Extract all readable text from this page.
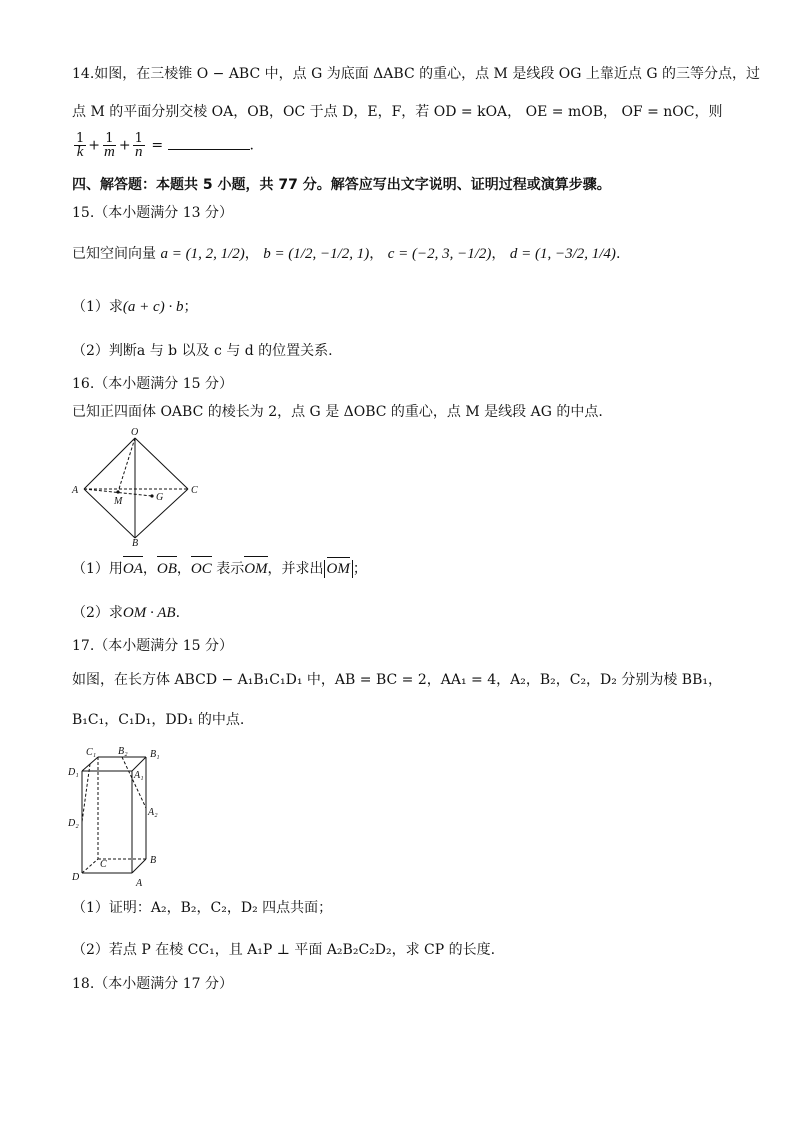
14.如图，在三棱锥 O − ABC 中，点 G 为底面 ΔABC 的重心，点 M 是线段 OG 上靠近点 G 的三等分点，过
点 M 的平面分别交棱 OA，OB，OC 于点 D，E，F，若 OD = kOA， OE = mOB， OF = nOC，则
$\frac{1}{k} + \frac{1}{m} + \frac{1}{n}$ =	.
四、解答题：本题共 5 小题，共 77 分。解答应写出文字说明、证明过程或演算步骤。
15.（本小题满分 13 分）
已知空间向量 a = (1, 2, 1/2)， b = (1/2, −1/2, 1)， c = (−2, 3, −1/2)， d = (1, −3/2, 1/4).
（1）求(a + c) · b；
（2）判断a 与 b 以及 c 与 d 的位置关系.
16.（本小题满分 15 分）
已知正四面体 OABC 的棱长为 2，点 G 是 ΔOBC 的重心，点 M 是线段 AG 的中点.
O
A	C
M	G
B
（1）用OA，OB，OC 表示OM，并求出 OM ；
（2）求OM · AB.
17.（本小题满分 15 分）
如图，在长方体 ABCD − A₁B₁C₁D₁ 中，AB = BC = 2，AA₁ = 4，A₂，B₂，C₂，D₂ 分别为棱 BB₁，
B₁C₁，C₁D₁，DD₁ 的中点.
C₁	B₁
D₁	A₁
B₂
A₂
D₂
C
D
A
B
（1）证明：A₂，B₂，C₂，D₂ 四点共面；
（2）若点 P 在棱 CC₁，且 A₁P ⊥ 平面 A₂B₂C₂D₂，求 CP 的长度.
18.（本小题满分 17 分）
